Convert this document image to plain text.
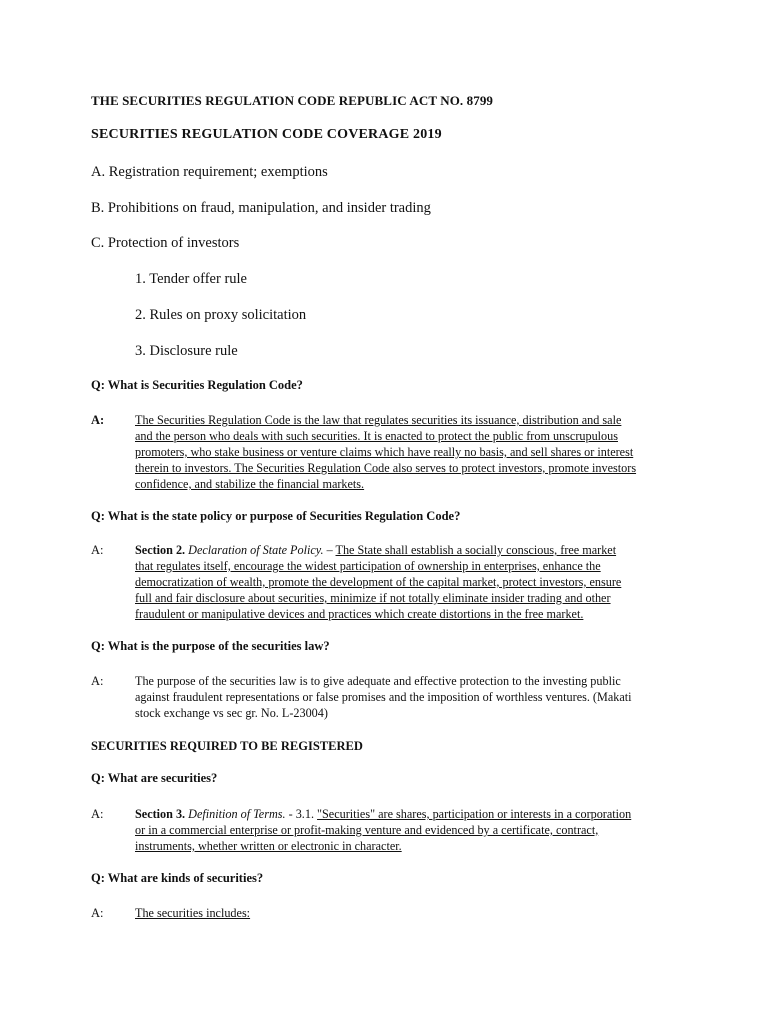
THE SECURITIES REGULATION CODE REPUBLIC ACT NO. 8799
SECURITIES REGULATION CODE COVERAGE 2019
A. Registration requirement; exemptions
B. Prohibitions on fraud, manipulation, and insider trading
C. Protection of investors
1. Tender offer rule
2. Rules on proxy solicitation
3. Disclosure rule
Q: What is Securities Regulation Code?
A:	The Securities Regulation Code is the law that regulates securities its issuance, distribution and sale
and the person who deals with such securities. It is enacted to protect the public from unscrupulous
promoters, who stake business or venture claims which have really no basis, and sell shares or interest
therein to investors. The Securities Regulation Code also serves to protect investors, promote investors
confidence, and stabilize the financial markets.
Q: What is the state policy or purpose of Securities Regulation Code?
A:	Section 2. Declaration of State Policy. – The State shall establish a socially conscious, free market
that regulates itself, encourage the widest participation of ownership in enterprises, enhance the
democratization of wealth, promote the development of the capital market, protect investors, ensure
full and fair disclosure about securities, minimize if not totally eliminate insider trading and other
fraudulent or manipulative devices and practices which create distortions in the free market.
Q: What is the purpose of the securities law?
A:	The purpose of the securities law is to give adequate and effective protection to the investing public
against fraudulent representations or false promises and the imposition of worthless ventures. (Makati
stock exchange vs sec gr. No. L-23004)
SECURITIES REQUIRED TO BE REGISTERED
Q: What are securities?
A:	Section 3. Definition of Terms. - 3.1. "Securities" are shares, participation or interests in a corporation
or in a commercial enterprise or profit-making venture and evidenced by a certificate, contract,
instruments, whether written or electronic in character.
Q: What are kinds of securities?
A:	The securities includes:
